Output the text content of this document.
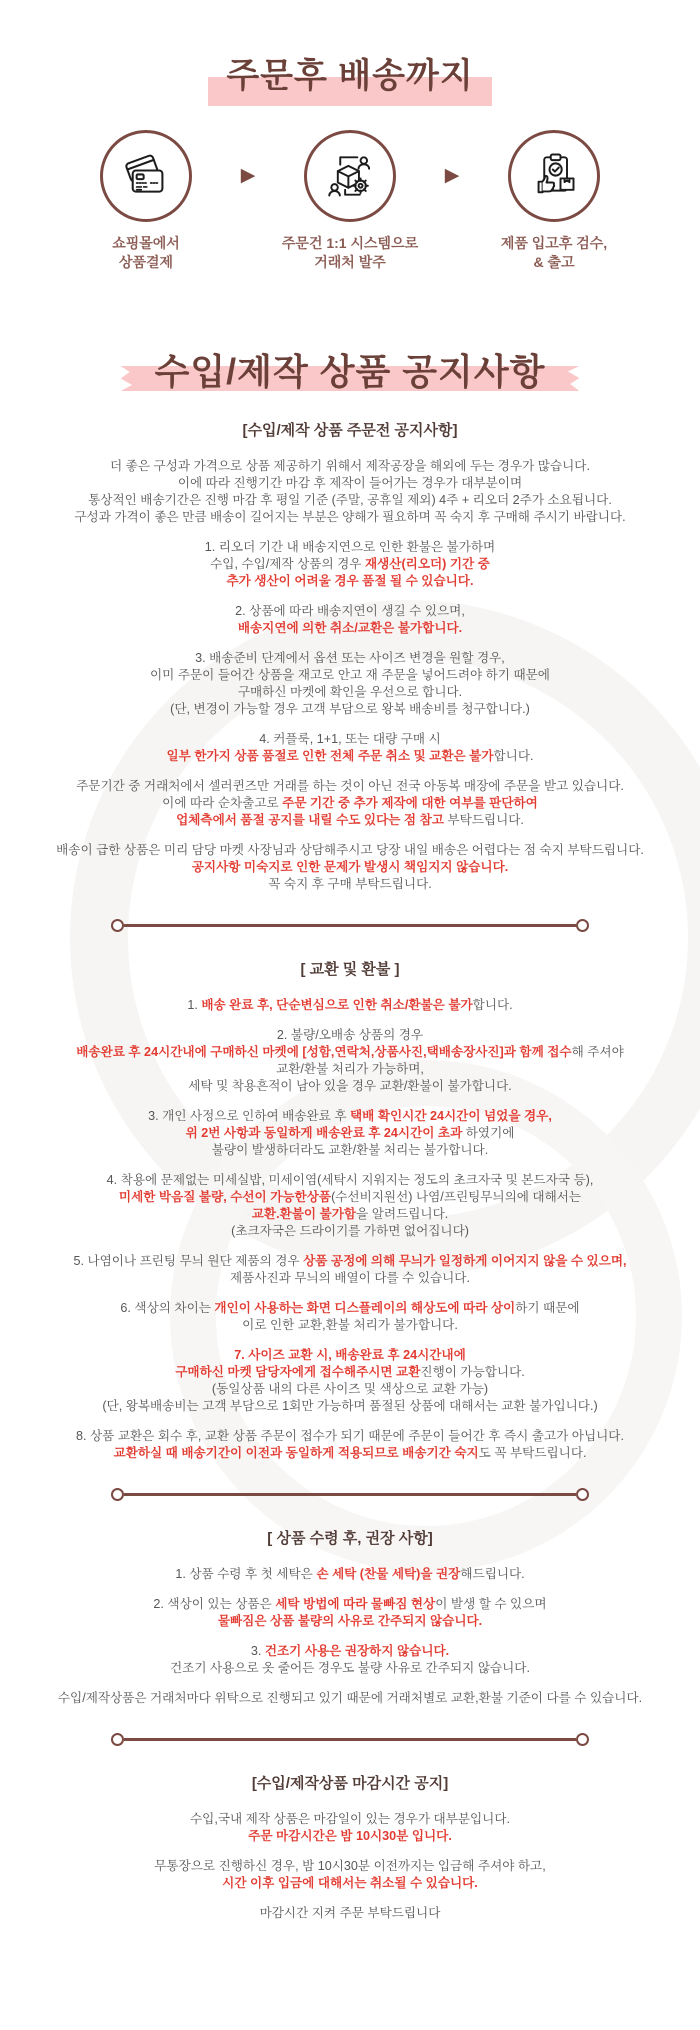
주문후 배송까지
쇼핑몰에서
상품결제
▶
주문건 1:1 시스템으로
거래처 발주
▶
제품 입고후 검수,
& 출고
수입/제작 상품 공지사항
[수입/제작 상품 주문전 공지사항]

더 좋은 구성과 가격으로 상품 제공하기 위해서 제작공장을 해외에 두는 경우가 많습니다.
이에 따라 진행기간 마감 후 제작이 들어가는 경우가 대부분이며
통상적인 배송기간은 진행 마감 후 평일 기준 (주말, 공휴일 제외) 4주 + 리오더 2주가 소요됩니다.
구성과 가격이 좋은 만큼 배송이 길어지는 부분은 양해가 필요하며 꼭 숙지 후 구매해 주시기 바랍니다.

1. 리오더 기간 내 배송지연으로 인한 환불은 불가하며
수입, 수입/제작 상품의 경우 재생산(리오더) 기간 중
추가 생산이 어려울 경우 품절 될 수 있습니다.

2. 상품에 따라 배송지연이 생길 수 있으며,
배송지연에 의한 취소/교환은 불가합니다.

3. 배송준비 단계에서 옵션 또는 사이즈 변경을 원할 경우,
이미 주문이 들어간 상품을 재고로 안고 재 주문을 넣어드려야 하기 때문에
구매하신 마켓에 확인을 우선으로 합니다.
(단, 변경이 가능할 경우 고객 부담으로 왕복 배송비를 청구합니다.)

4. 커플룩, 1+1, 또는 대량 구매 시
일부 한가지 상품 품절로 인한 전체 주문 취소 및 교환은 불가합니다.

주문기간 중 거래처에서 셀러퀸즈만 거래를 하는 것이 아닌 전국 아동복 매장에 주문을 받고 있습니다.
이에 따라 순차출고로 주문 기간 중 추가 제작에 대한 여부를 판단하여
업체측에서 품절 공지를 내릴 수도 있다는 점 참고 부탁드립니다.

배송이 급한 상품은 미리 담당 마켓 사장님과 상담해주시고 당장 내일 배송은 어렵다는 점 숙지 부탁드립니다.
공지사항 미숙지로 인한 문제가 발생시 책임지지 않습니다.
꼭 숙지 후 구매 부탁드립니다.

[ 교환 및 환불 ]

1. 배송 완료 후, 단순변심으로 인한 취소/환불은 불가합니다.

2. 불량/오배송 상품의 경우
배송완료 후 24시간내에 구매하신 마켓에 [성함,연락처,상품사진,택배송장사진]과 함께 접수해 주셔야
교환/환불 처리가 가능하며,
세탁 및 착용흔적이 남아 있을 경우 교환/환불이 불가합니다.

3. 개인 사정으로 인하여 배송완료 후 택배 확인시간 24시간이 넘었을 경우,
위 2번 사항과 동일하게 배송완료 후 24시간이 초과 하였기에
불량이 발생하더라도 교환/환불 처리는 불가합니다.

4. 착용에 문제없는 미세실밥, 미세이염(세탁시 지워지는 정도의 초크자국 및 본드자국 등),
미세한 박음질 불량, 수선이 가능한상품(수선비지원선) 나염/프린팅무늬의에 대해서는
교환.환불이 불가함을 알려드립니다.
(초크자국은 드라이기를 가하면 없어집니다)

5. 나염이나 프린팅 무늬 원단 제품의 경우 상품 공정에 의해 무늬가 일정하게 이어지지 않을 수 있으며,
제품사진과 무늬의 배열이 다를 수 있습니다.

6. 색상의 차이는 개인이 사용하는 화면 디스플레이의 해상도에 따라 상이하기 때문에
이로 인한 교환,환불 처리가 불가합니다.

7. 사이즈 교환 시, 배송완료 후 24시간내에
구매하신 마켓 담당자에게 접수해주시면 교환진행이 가능합니다.
(동일상품 내의 다른 사이즈 및 색상으로 교환 가능)
(단, 왕복배송비는 고객 부담으로 1회만 가능하며 품절된 상품에 대해서는 교환 불가입니다.)

8. 상품 교환은 회수 후, 교환 상품 주문이 접수가 되기 때문에 주문이 들어간 후 즉시 출고가 아닙니다.
교환하실 때 배송기간이 이전과 동일하게 적용되므로 배송기간 숙지도 꼭 부탁드립니다.

[ 상품 수령 후, 권장 사항]

1. 상품 수령 후 첫 세탁은 손 세탁 (찬물 세탁)을 권장해드립니다.

2. 색상이 있는 상품은 세탁 방법에 따라 물빠짐 현상이 발생 할 수 있으며
물빠짐은 상품 불량의 사유로 간주되지 않습니다.

3. 건조기 사용은 권장하지 않습니다.
건조기 사용으로 옷 줄어든 경우도 불량 사유로 간주되지 않습니다.

수입/제작상품은 거래처마다 위탁으로 진행되고 있기 때문에 거래처별로 교환,환불 기준이 다를 수 있습니다.

[수입/제작상품 마감시간 공지]

수입,국내 제작 상품은 마감일이 있는 경우가 대부분입니다.
주문 마감시간은 밤 10시30분 입니다.

무통장으로 진행하신 경우, 밤 10시30분 이전까지는 입금해 주셔야 하고,
시간 이후 입금에 대해서는 취소될 수 있습니다.

마감시간 지켜 주문 부탁드립니다
